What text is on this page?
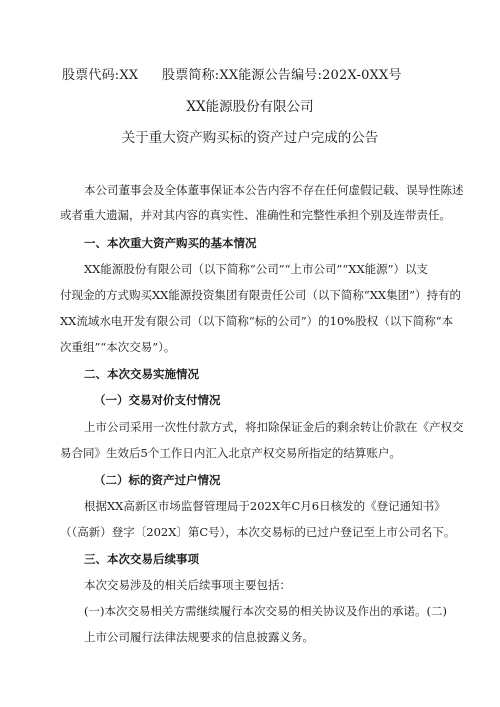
股票代码:XX 股票简称:XX能源公告编号:202X-0XX号
XX能源股份有限公司
关于重大资产购买标的资产过户完成的公告
本公司董事会及全体董事保证本公告内容不存在任何虚假记载、误导性陈述
或者重大遗漏，并对其内容的真实性、准确性和完整性承担个别及连带责任。
一、本次重大资产购买的基本情况
XX能源股份有限公司（以下简称“公司”“上市公司”“XX能源”）以支
付现金的方式购买XX能源投资集团有限责任公司（以下简称“XX集团”）持有的
XX流域水电开发有限公司（以下简称“标的公司”）的10%股权（以下简称“本
次重组”“本次交易”）。
二、本次交易实施情况
（一）交易对价支付情况
上市公司采用一次性付款方式，将扣除保证金后的剩余转让价款在《产权交
易合同》生效后5个工作日内汇入北京产权交易所指定的结算账户。
（二）标的资产过户情况
根据XX高新区市场监督管理局于202X年C月6日核发的《登记通知书》
（（高新）登字〔202X〕第C号），本次交易标的已过户登记至上市公司名下。
三、本次交易后续事项
本次交易涉及的相关后续事项主要包括：
(一)本次交易相关方需继续履行本次交易的相关协议及作出的承诺。(二)
上市公司履行法律法规要求的信息披露义务。
